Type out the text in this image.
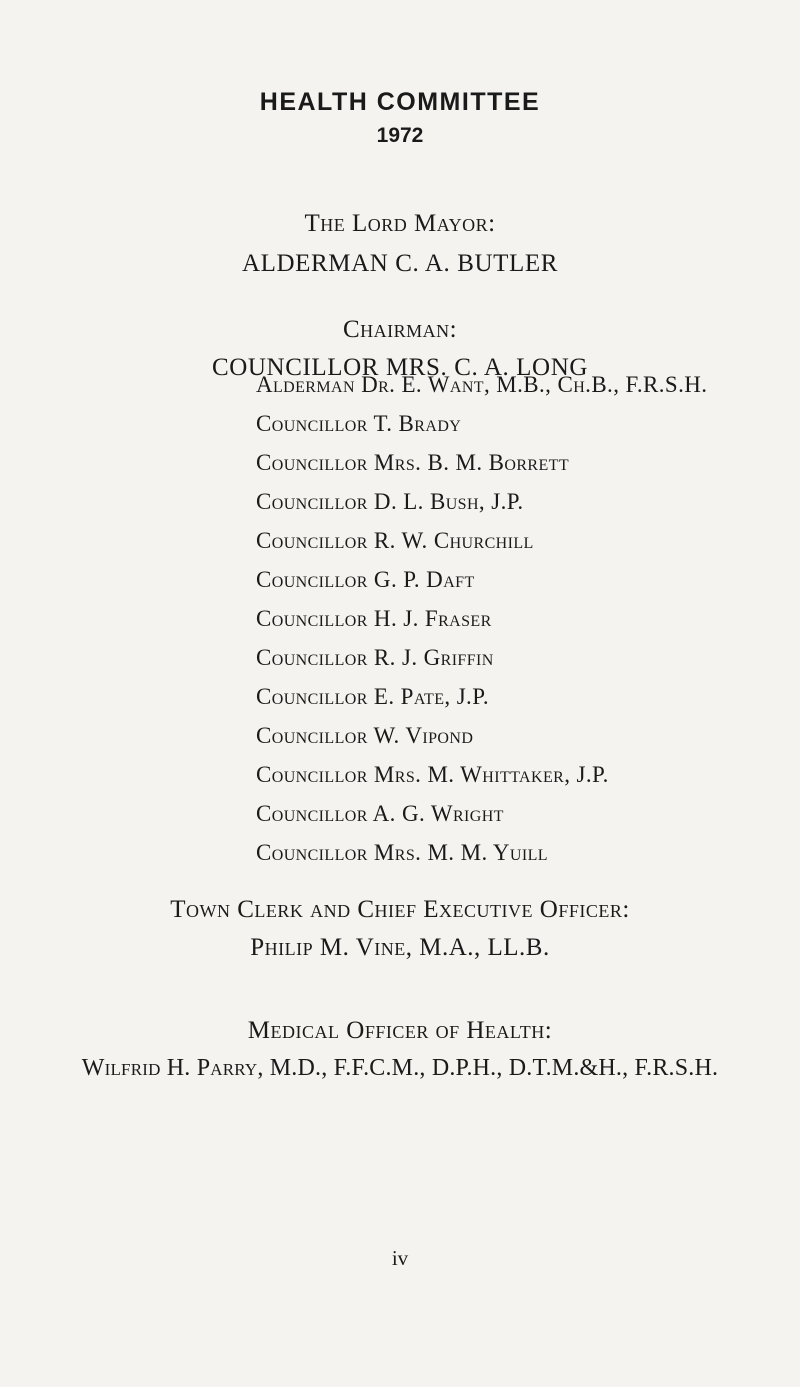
HEALTH COMMITTEE
1972
The Lord Mayor:
ALDERMAN C. A. BUTLER
Chairman:
COUNCILLOR MRS. C. A. LONG
Alderman Dr. E. Want, M.B., Ch.B., F.R.S.H.
Councillor T. Brady
Councillor Mrs. B. M. Borrett
Councillor D. L. Bush, J.P.
Councillor R. W. Churchill
Councillor G. P. Daft
Councillor H. J. Fraser
Councillor R. J. Griffin
Councillor E. Pate, J.P.
Councillor W. Vipond
Councillor Mrs. M. Whittaker, J.P.
Councillor A. G. Wright
Councillor Mrs. M. M. Yuill
Town Clerk and Chief Executive Officer:
Philip M. Vine, M.A., LL.B.
Medical Officer of Health:
Wilfrid H. Parry, M.D., F.F.C.M., D.P.H., D.T.M.&H., F.R.S.H.
iv
